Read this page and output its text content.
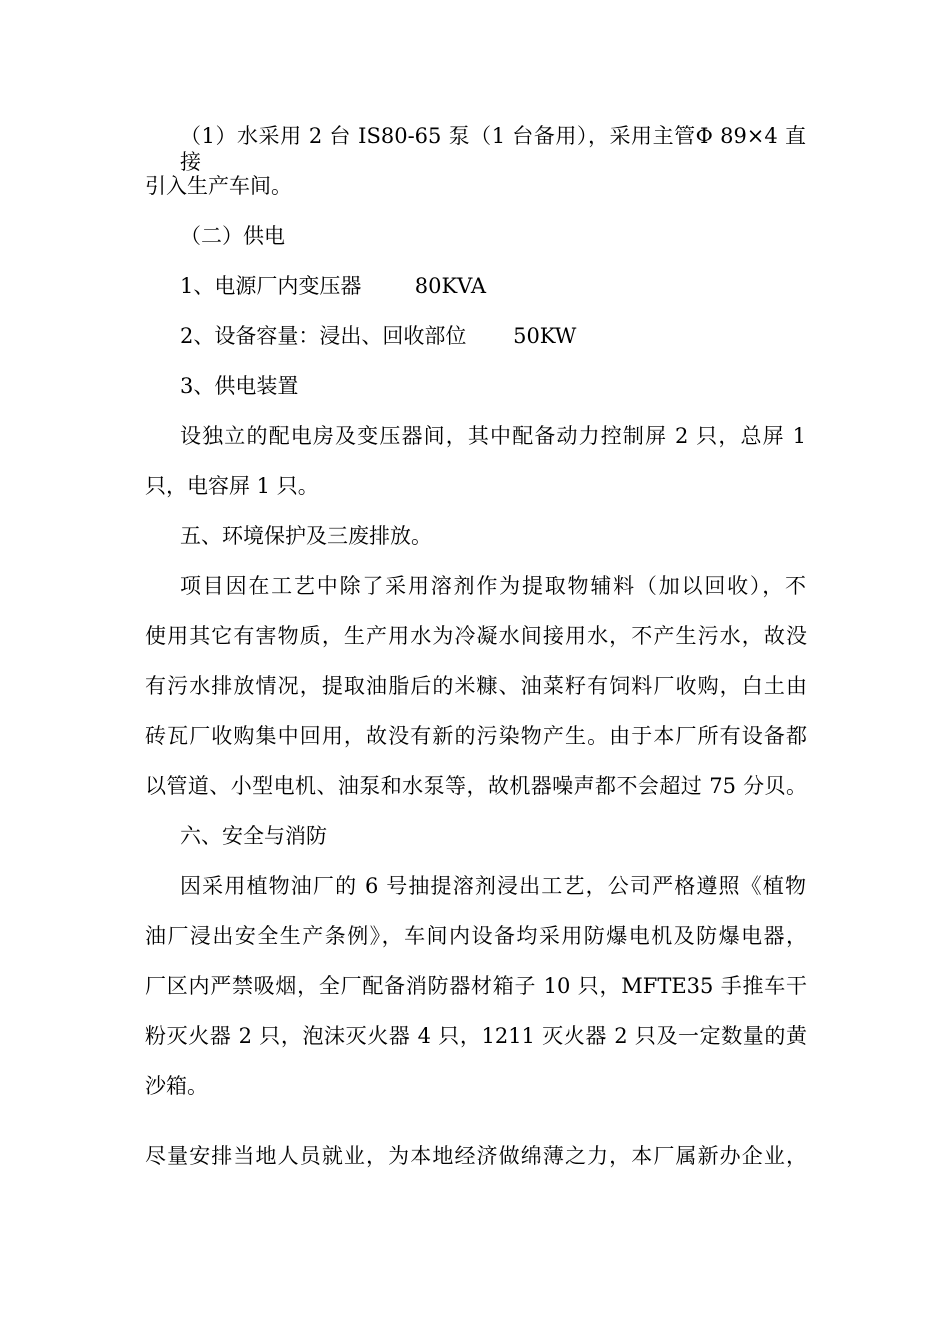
（1）水采用 2 台 IS80-65 泵（1 台备用），采用主管Φ 89×4 直接
引入生产车间。
（二）供电
1、电源厂内变压器        80KVA
2、设备容量：浸出、回收部位       50KW
3、供电装置
设独立的配电房及变压器间，其中配备动力控制屏 2 只，总屏 1
只，电容屏 1 只。
五、环境保护及三废排放。
项目因在工艺中除了采用溶剂作为提取物辅料（加以回收），不
使用其它有害物质，生产用水为冷凝水间接用水，不产生污水，故没
有污水排放情况，提取油脂后的米糠、油菜籽有饲料厂收购，白土由
砖瓦厂收购集中回用，故没有新的污染物产生。由于本厂所有设备都
以管道、小型电机、油泵和水泵等，故机器噪声都不会超过 75 分贝。
六、安全与消防
因采用植物油厂的 6 号抽提溶剂浸出工艺，公司严格遵照《植物
油厂浸出安全生产条例》，车间内设备均采用防爆电机及防爆电器，
厂区内严禁吸烟，全厂配备消防器材箱子 10 只，MFTE35 手推车干
粉灭火器 2 只，泡沫灭火器 4 只，1211 灭火器 2 只及一定数量的黄
沙箱。
尽量安排当地人员就业，为本地经济做绵薄之力，本厂属新办企业，
